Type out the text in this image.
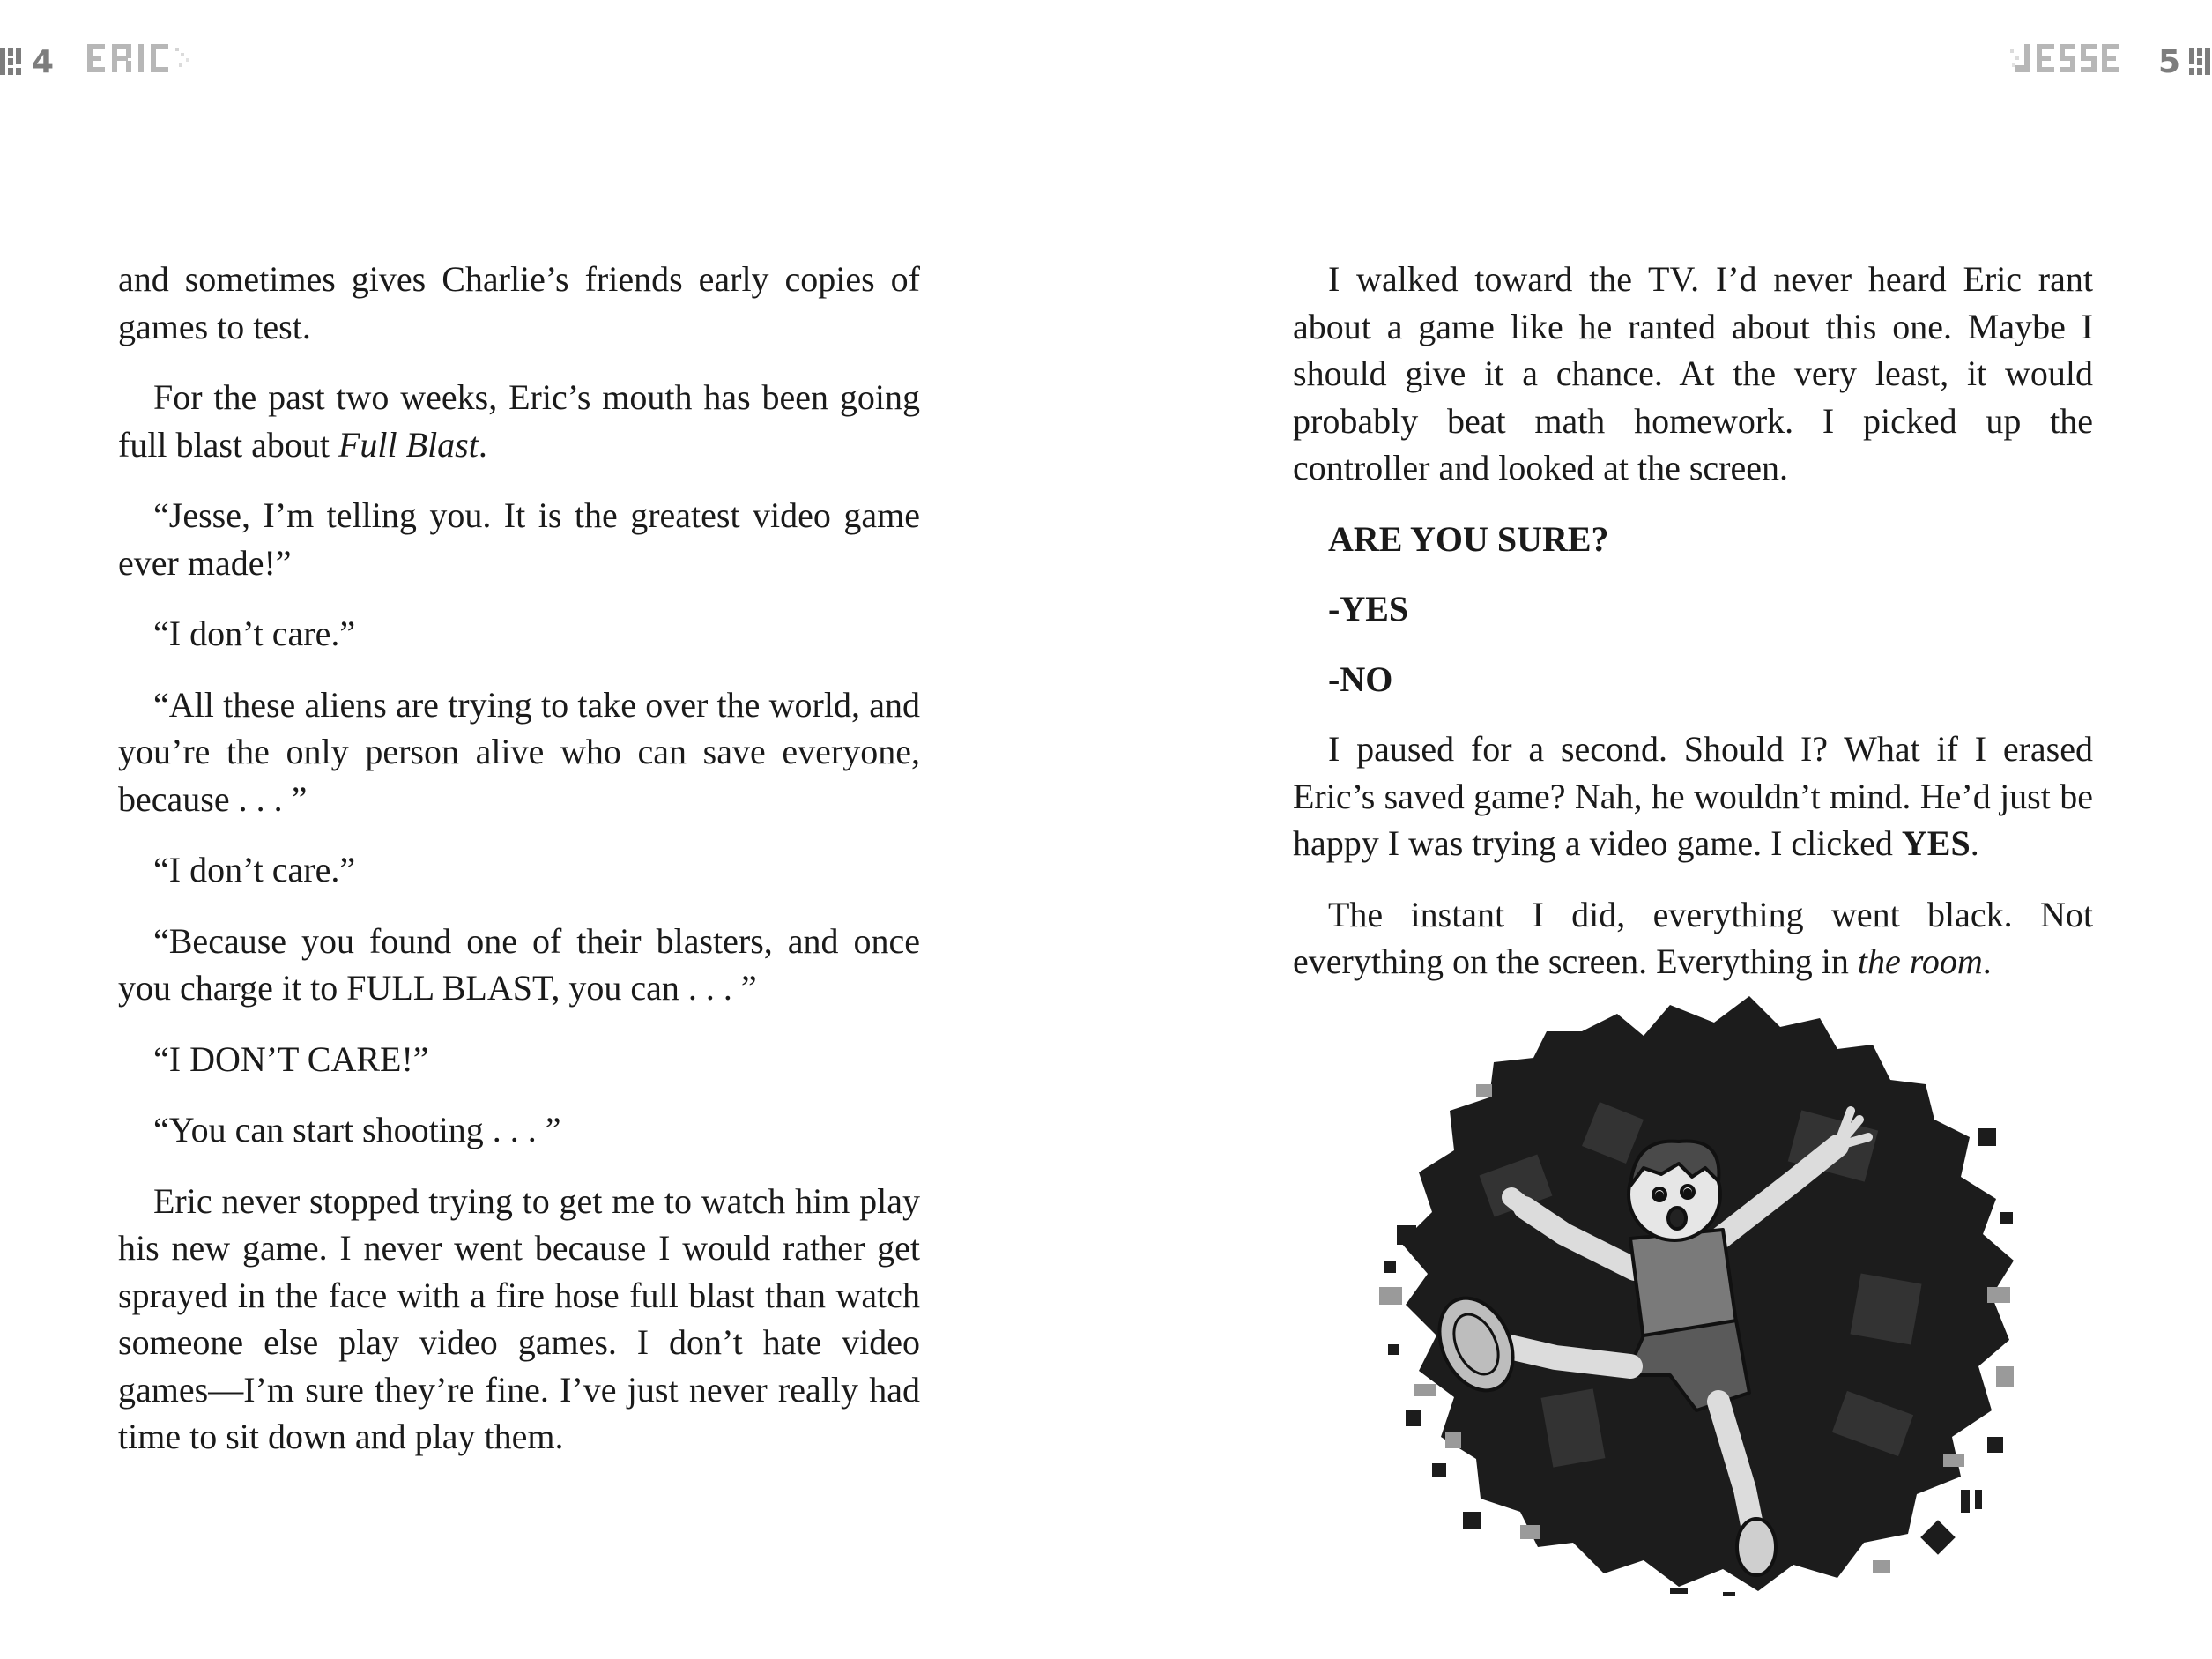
4	5

and sometimes gives Charlie’s friends early copies of games to test.

For the past two weeks, Eric’s mouth has been going full blast about Full Blast.

“Jesse, I’m telling you. It is the greatest video game ever made!”

“I don’t care.”

“All these aliens are trying to take over the world, and you’re the only person alive who can save everyone, because . . . ”

“I don’t care.”

“Because you found one of their blasters, and once you charge it to FULL BLAST, you can . . . ”

“I DON’T CARE!”

“You can start shooting . . . ”

Eric never stopped trying to get me to watch him play his new game. I never went because I would rather get sprayed in the face with a fire hose full blast than watch someone else play video games. I don’t hate video games—I’m sure they’re fine. I’ve just never really had time to sit down and play them.

I walked toward the TV. I’d never heard Eric rant about a game like he ranted about this one. Maybe I should give it a chance. At the very least, it would probably beat math homework. I picked up the controller and looked at the screen.

ARE YOU SURE?

-YES

-NO

I paused for a second. Should I? What if I erased Eric’s saved game? Nah, he wouldn’t mind. He’d just be happy I was trying a video game. I clicked YES.

The instant I did, everything went black. Not everything on the screen. Everything in the room.
